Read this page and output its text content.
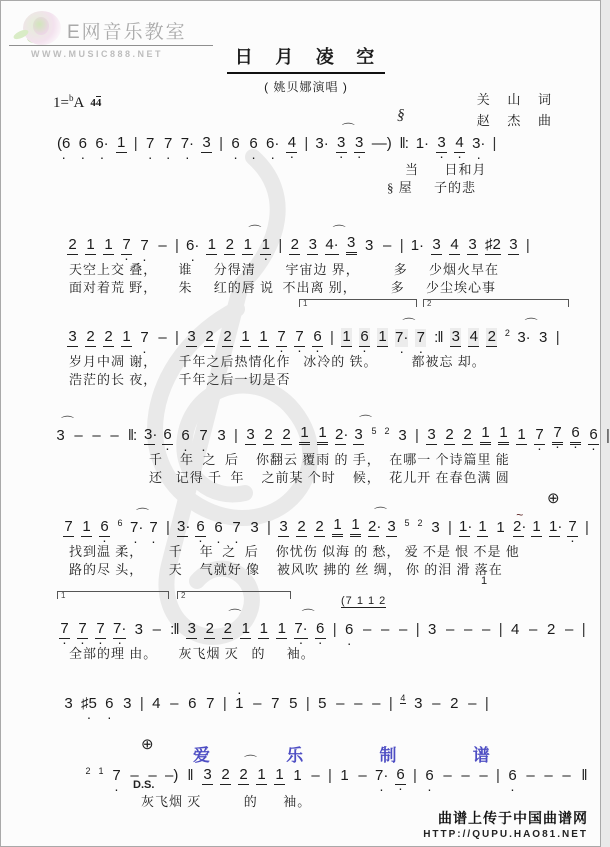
E网音乐教室
WWW.MUSIC888.NET	日 月 凌 空
( 姚贝娜演唱 )
关 山 词
赵 杰 曲
1=$^b$A 44
(6 · 6 · 6· · 1 | 7 · 7 · 7· · 3 | 6 · 6 · 6· · 4 · | 3· ⌒ 3 · 3 · —) ‖: 1· 3 · 4 · 3· · |
§
当      日和月
§ 屋     子的悲
2 1 1 7 · 7 · – | 6· · 1 2 ⌒ 1 1 · | 2 3 ⌒ 4· 3 3 – | 1· 3 4 3 ♯2 3 |
天空上交 叠，     谁     分得清       宇宙边 界，        多     少烟火早在
面对着荒 野，     朱     红的唇 说  不出离 别，        多     少尘埃心事
3 2 2 1 7 · – | 3 2 2 1 1 7 · 7 · 6 · | 1 6 · 1 ⌒ 7· · 7 · :‖ 3 4 2 2 ⌒ 3· 3 |
1	2
岁月中凋 谢，     千年之后热情化作   冰冷的 铁。        都被忘 却。
浩茫的长 夜，     千年之后一切是否
⌒ 3 – – – ‖: 3· 6 · 6 · 7 · 3 | 3 2 2 1 1 2· ⌒ 3 5 2 3 | 3 2 2 1 1 1 7 · 7 · 6 · 6 · |
千    年  之  后    你翻云 覆雨 的 手，  在哪一 个诗篇里 能
还   记得 千  年    之前某 个时    候，  花儿开 在春色满 圆
7 1 6 · 6 ⌒ 7· · 7 · | 3· 6 · 6 · 7 · 3 | 3 2 2 1 1 ⌒ 2· 3 5 2 3 | 1· 1 1 ~ 2· 1 1· 7 · |
⊕
1
找到温 柔，      千    年  之  后    你忧伤 似海 的 愁， 爱 不是 恨 不是 他
路的尽 头，      天    气就好 像    被风吹 拂的 丝 绸， 你 的泪 滑 落在
7 · 7 · 7 · 7· · 3 – :‖ 3 2 ⌒ 2 1 1 1 ⌒ 7· · 6 · | 6 · – – – | 3 – – – | 4 – 2 – |
1	2	(7 1 1 2
全部的理 由。     灰飞烟 灭   的     袖。
3 ♯5 · 6 · 3 | 4 – 6 7 | · 1 – 7 5 | 5 – – – | 4 3 – 2 – |
2 1 7 · – – –) ‖ 3 2 ⌒ 2 1 1 1 – | 1 – 7· · 6 · | 6 · – – – | 6 · – – – ‖
⊕
D.S.
灰飞烟 灭          的      袖。
爱 乐 制 谱
曲谱上传于中国曲谱网
HTTP://QUPU.HAO81.NET
